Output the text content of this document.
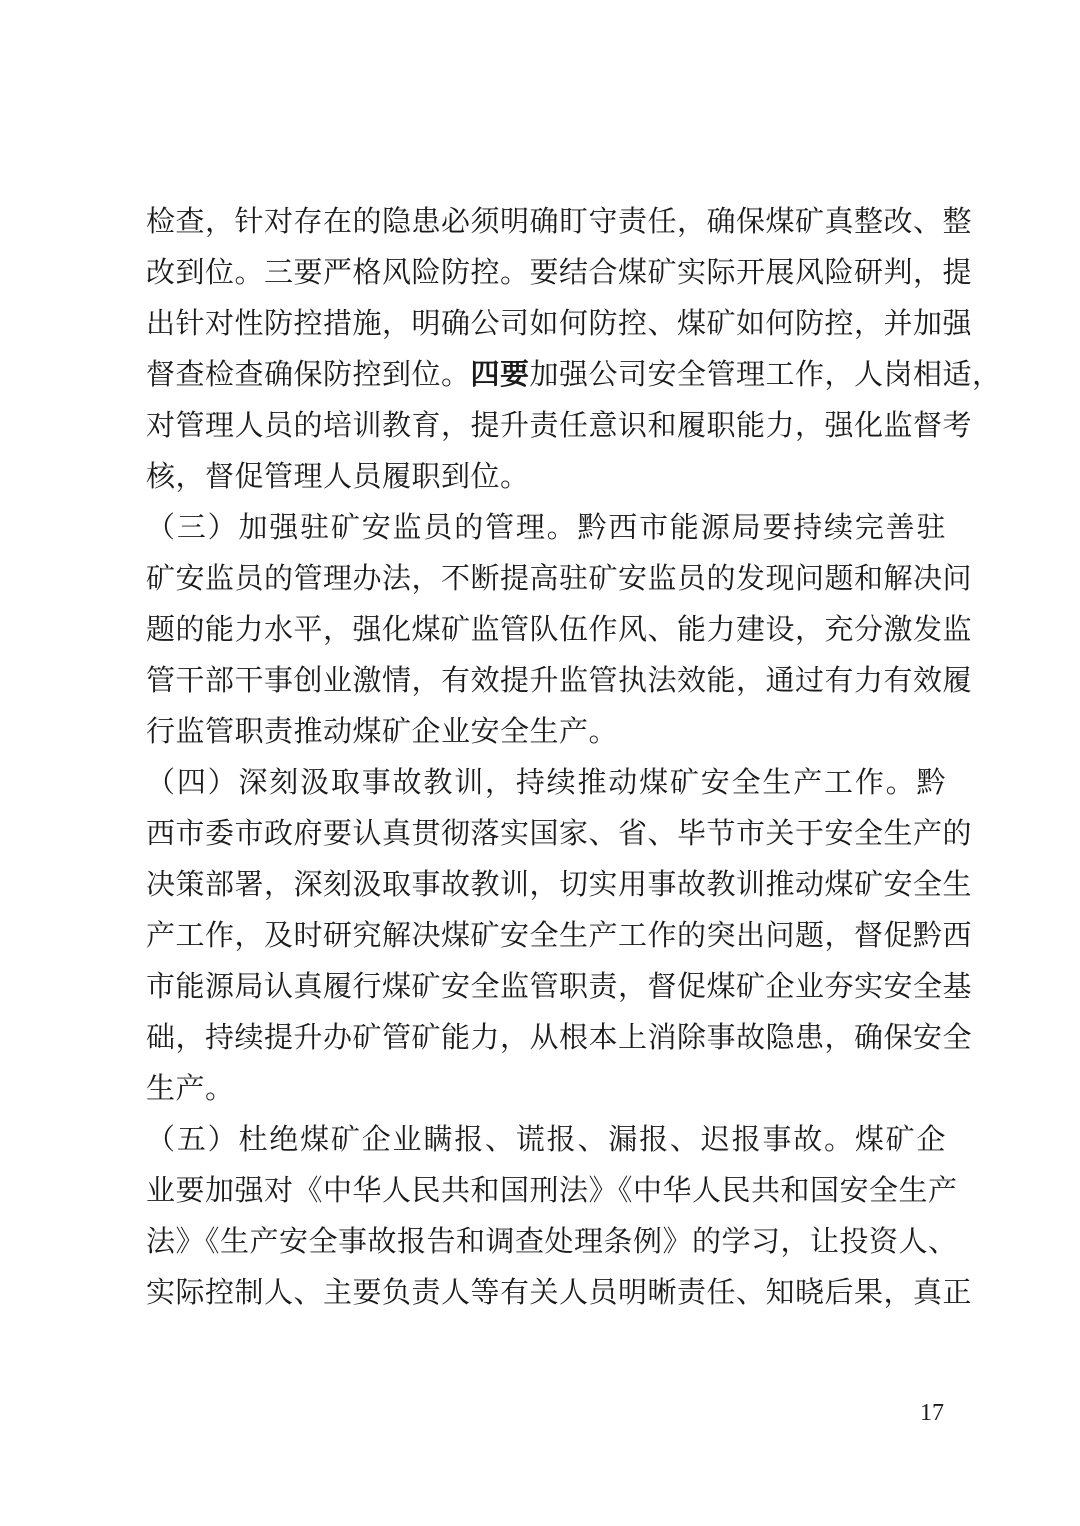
检查，针对存在的隐患必须明确盯守责任，确保煤矿真整改、整
改到位。三要严格风险防控。要结合煤矿实际开展风险研判，提
出针对性防控措施，明确公司如何防控、煤矿如何防控，并加强
督查检查确保防控到位。四要加强公司安全管理工作，人岗相适，
对管理人员的培训教育，提升责任意识和履职能力，强化监督考
核，督促管理人员履职到位。
（三）加强驻矿安监员的管理。黔西市能源局要持续完善驻
矿安监员的管理办法，不断提高驻矿安监员的发现问题和解决问
题的能力水平，强化煤矿监管队伍作风、能力建设，充分激发监
管干部干事创业激情，有效提升监管执法效能，通过有力有效履
行监管职责推动煤矿企业安全生产。
（四）深刻汲取事故教训，持续推动煤矿安全生产工作。黔
西市委市政府要认真贯彻落实国家、省、毕节市关于安全生产的
决策部署，深刻汲取事故教训，切实用事故教训推动煤矿安全生
产工作，及时研究解决煤矿安全生产工作的突出问题，督促黔西
市能源局认真履行煤矿安全监管职责，督促煤矿企业夯实安全基
础，持续提升办矿管矿能力，从根本上消除事故隐患，确保安全
生产。
（五）杜绝煤矿企业瞒报、谎报、漏报、迟报事故。煤矿企
业要加强对《中华人民共和国刑法》《中华人民共和国安全生产
法》《生产安全事故报告和调查处理条例》的学习，让投资人、
实际控制人、主要负责人等有关人员明晰责任、知晓后果，真正
17
